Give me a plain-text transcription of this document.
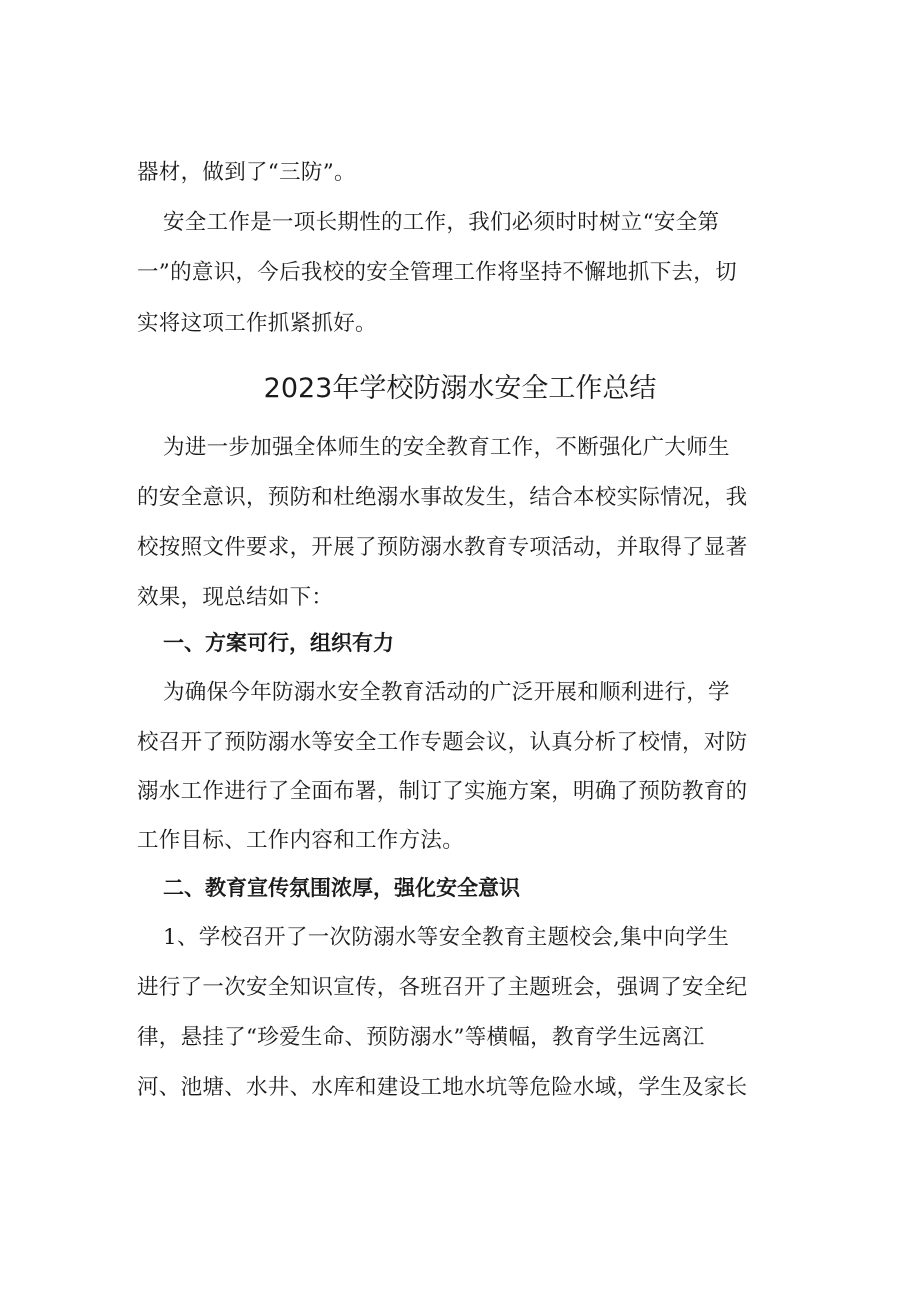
器材，做到了“三防”。
安全工作是一项长期性的工作，我们必须时时树立“安全第
一”的意识，今后我校的安全管理工作将坚持不懈地抓下去，切
实将这项工作抓紧抓好。
2023年学校防溺水安全工作总结
为进一步加强全体师生的安全教育工作，不断强化广大师生
的安全意识，预防和杜绝溺水事故发生，结合本校实际情况，我
校按照文件要求，开展了预防溺水教育专项活动，并取得了显著
效果，现总结如下：
一、方案可行，组织有力
为确保今年防溺水安全教育活动的广泛开展和顺利进行，学
校召开了预防溺水等安全工作专题会议，认真分析了校情，对防
溺水工作进行了全面布署，制订了实施方案，明确了预防教育的
工作目标、工作内容和工作方法。
二、教育宣传氛围浓厚，强化安全意识
1、学校召开了一次防溺水等安全教育主题校会,集中向学生
进行了一次安全知识宣传，各班召开了主题班会，强调了安全纪
律，悬挂了“珍爱生命、预防溺水”等横幅，教育学生远离江
河、池塘、水井、水库和建设工地水坑等危险水域，学生及家长
